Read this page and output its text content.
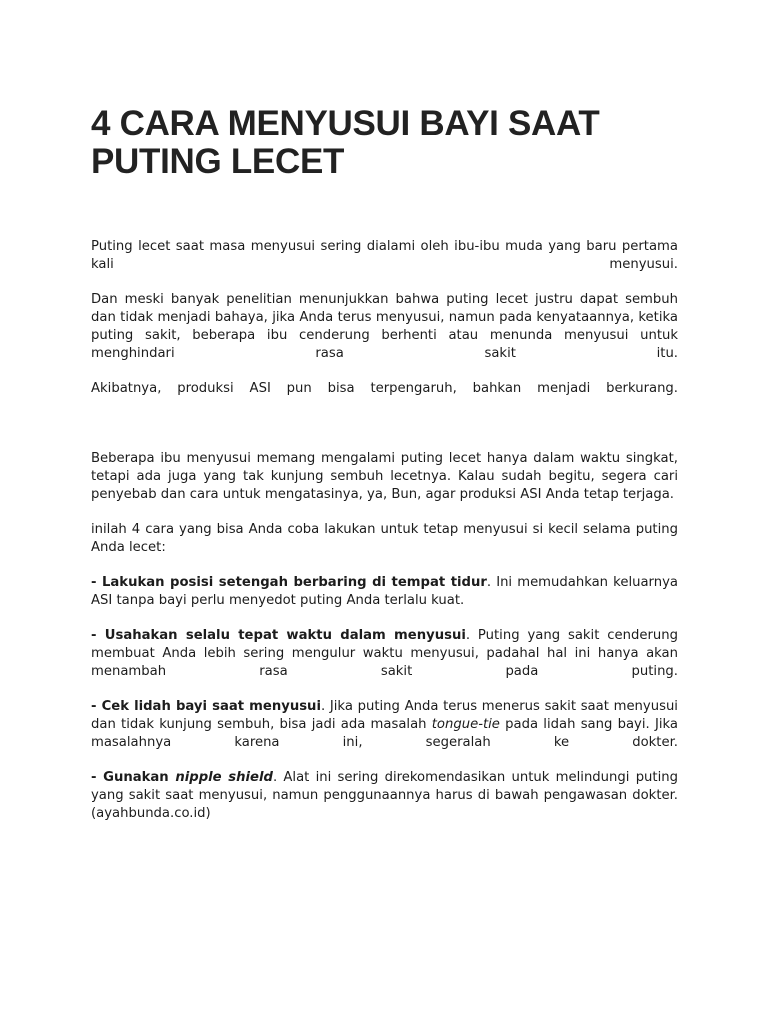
4 CARA MENYUSUI BAYI SAAT PUTING LECET

Puting lecet saat masa menyusui sering dialami oleh ibu-ibu muda yang baru pertama kali menyusui.

Dan meski banyak penelitian menunjukkan bahwa puting lecet justru dapat sembuh dan tidak menjadi bahaya, jika Anda terus menyusui, namun pada kenyataannya, ketika puting sakit, beberapa ibu cenderung berhenti atau menunda menyusui untuk menghindari rasa sakit itu.

Akibatnya, produksi ASI pun bisa terpengaruh, bahkan menjadi berkurang.

Beberapa ibu menyusui memang mengalami puting lecet hanya dalam waktu singkat, tetapi ada juga yang tak kunjung sembuh lecetnya. Kalau sudah begitu, segera cari penyebab dan cara untuk mengatasinya, ya, Bun, agar produksi ASI Anda tetap terjaga.

inilah 4 cara yang bisa Anda coba lakukan untuk tetap menyusui si kecil selama puting Anda lecet:

- Lakukan posisi setengah berbaring di tempat tidur. Ini memudahkan keluarnya ASI tanpa bayi perlu menyedot puting Anda terlalu kuat.

- Usahakan selalu tepat waktu dalam menyusui. Puting yang sakit cenderung membuat Anda lebih sering mengulur waktu menyusui, padahal hal ini hanya akan menambah rasa sakit pada puting.

- Cek lidah bayi saat menyusui. Jika puting Anda terus menerus sakit saat menyusui dan tidak kunjung sembuh, bisa jadi ada masalah tongue-tie pada lidah sang bayi. Jika masalahnya karena ini, segeralah ke dokter.

- Gunakan nipple shield. Alat ini sering direkomendasikan untuk melindungi puting yang sakit saat menyusui, namun penggunaannya harus di bawah pengawasan dokter.(ayahbunda.co.id)
